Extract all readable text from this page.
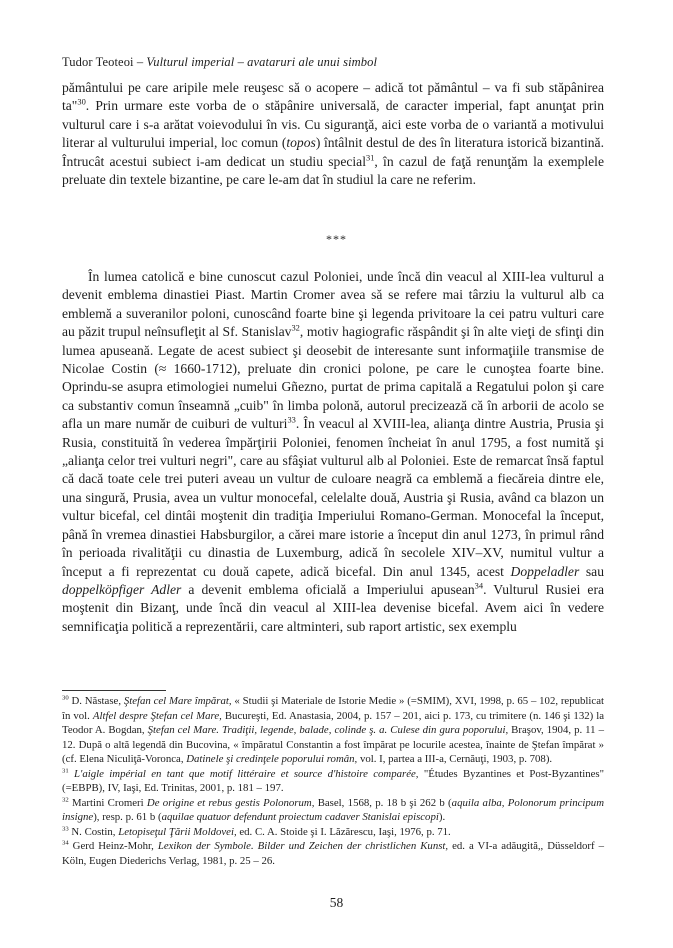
Tudor Teoteoi – Vulturul imperial – avataruri ale unui simbol

pământului pe care aripile mele reuşesc să o acopere – adică tot pământul – va fi sub stăpânirea ta"$^{30}$. Prin urmare este vorba de o stăpânire universală, de caracter imperial, fapt anunţat prin vulturul care i s-a arătat voievodului în vis. Cu siguranţă, aici este vorba de o variantă a motivului literar al vulturului imperial, loc comun (topos) întâlnit destul de des în literatura istorică bizantină. Întrucât acestui subiect i-am dedicat un studiu special$^{31}$, în cazul de faţă renunţăm la exemplele preluate din textele bizantine, pe care le-am dat în studiul la care ne referim.

***

În lumea catolică e bine cunoscut cazul Poloniei, unde încă din veacul al XIII-lea vulturul a devenit emblema dinastiei Piast. Martin Cromer avea să se refere mai târziu la vulturul alb ca emblemă a suveranilor poloni, cunoscând foarte bine şi legenda privitoare la cei patru vulturi care au păzit trupul neînsufleţit al Sf. Stanislav$^{32}$, motiv hagiografic răspândit şi în alte vieţi de sfinţi din lumea apuseană. Legate de acest subiect şi deosebit de interesante sunt informaţiile transmise de Nicolae Costin (≈ 1660-1712), preluate din cronici polone, pe care le cunoştea foarte bine. Oprindu-se asupra etimologiei numelui Gñezno, purtat de prima capitală a Regatului polon şi care ca substantiv comun înseamnă „cuib" în limba polonă, autorul precizează că în arborii de acolo se afla un mare număr de cuiburi de vulturi$^{33}$. În veacul al XVIII-lea, alianţa dintre Austria, Prusia şi Rusia, constituită în vederea împărţirii Poloniei, fenomen încheiat în anul 1795, a fost numită şi „alianţa celor trei vulturi negri", care au sfâşiat vulturul alb al Poloniei. Este de remarcat însă faptul că dacă toate cele trei puteri aveau un vultur de culoare neagră ca emblemă a fiecăreia dintre ele, una singură, Prusia, avea un vultur monocefal, celelalte două, Austria şi Rusia, având ca blazon un vultur bicefal, cel dintâi moştenit din tradiţia Imperiului Romano-German. Monocefal la început, până în vremea dinastiei Habsburgilor, a cărei mare istorie a început din anul 1273, în primul rând în perioada rivalităţii cu dinastia de Luxemburg, adică în secolele XIV–XV, numitul vultur a început a fi reprezentat cu două capete, adică bicefal. Din anul 1345, acest Doppeladler sau doppelköpfiger Adler a devenit emblema oficială a Imperiului apusean$^{34}$. Vulturul Rusiei era moştenit din Bizanţ, unde încă din veacul al XIII-lea devenise bicefal. Avem aici în vedere semnificaţia politică a reprezentării, care altminteri, sub raport artistic, sex exemplu

$^{30}$ D. Năstase, Ştefan cel Mare împărat, « Studii şi Materiale de Istorie Medie » (=SMIM), XVI, 1998, p. 65 – 102, republicat în vol. Altfel despre Ştefan cel Mare, Bucureşti, Ed. Anastasia, 2004, p. 157 – 201, aici p. 173, cu trimitere (n. 146 şi 132) la Teodor A. Bogdan, Ştefan cel Mare. Tradiţii, legende, balade, colinde ş. a. Culese din gura poporului, Braşov, 1904, p. 11 – 12. După o altă legendă din Bucovina, « împăratul Constantin a fost împărat pe locurile acestea, înainte de Ştefan împărat » (cf. Elena Niculiţă-Voronca, Datinele şi credinţele poporului român, vol. I, partea a III-a, Cernăuţi, 1903, p. 708).

$^{31}$ L'aigle impérial en tant que motif littéraire et source d'histoire comparée, "Études Byzantines et Post-Byzantines" (=EBPB), IV, Iaşi, Ed. Trinitas, 2001, p. 181 – 197.

$^{32}$ Martini Cromeri De origine et rebus gestis Polonorum, Basel, 1568, p. 18 b şi 262 b (aquila alba, Polonorum principum insigne), resp. p. 61 b (aquilae quatuor defendunt proiectum cadaver Stanislai episcopi).

$^{33}$ N. Costin, Letopiseţul Ţării Moldovei, ed. C. A. Stoide şi I. Lăzărescu, Iaşi, 1976, p. 71.

$^{34}$ Gerd Heinz-Mohr, Lexikon der Symbole. Bilder und Zeichen der christlichen Kunst, ed. a VI-a adăugită,, Düsseldorf – Köln, Eugen Diederichs Verlag, 1981, p. 25 – 26.

58
